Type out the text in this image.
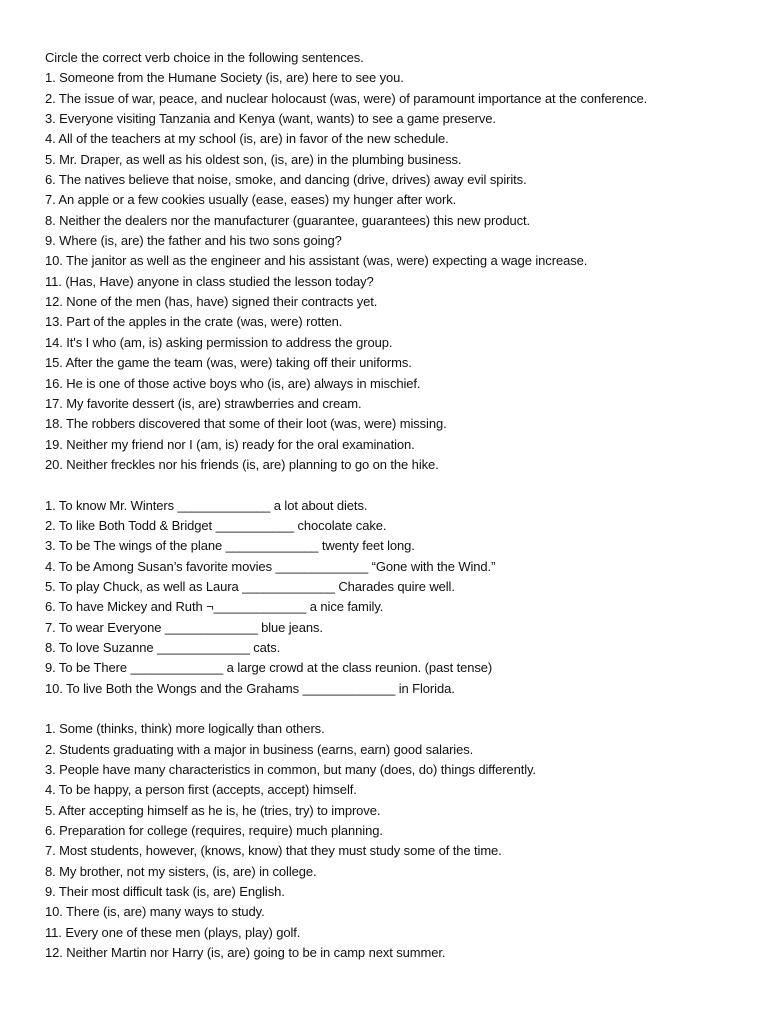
Circle the correct verb choice in the following sentences.
1. Someone from the Humane Society (is, are) here to see you.
2. The issue of war, peace, and nuclear holocaust (was, were) of paramount importance at the conference.
3. Everyone visiting Tanzania and Kenya (want, wants) to see a game preserve.
4. All of the teachers at my school (is, are) in favor of the new schedule.
5. Mr. Draper, as well as his oldest son, (is, are) in the plumbing business.
6. The natives believe that noise, smoke, and dancing (drive, drives) away evil spirits.
7. An apple or a few cookies usually (ease, eases) my hunger after work.
8. Neither the dealers nor the manufacturer (guarantee, guarantees) this new product.
9. Where (is, are) the father and his two sons going?
10. The janitor as well as the engineer and his assistant (was, were) expecting a wage increase.
11. (Has, Have) anyone in class studied the lesson today?
12. None of the men (has, have) signed their contracts yet.
13. Part of the apples in the crate (was, were) rotten.
14. It's I who (am, is) asking permission to address the group.
15. After the game the team (was, were) taking off their uniforms.
16. He is one of those active boys who (is, are) always in mischief.
17. My favorite dessert (is, are) strawberries and cream.
18. The robbers discovered that some of their loot (was, were) missing.
19. Neither my friend nor I (am, is) ready for the oral examination.
20. Neither freckles nor his friends (is, are) planning to go on the hike.
1. To know Mr. Winters _____________ a lot about diets.
2. To like Both Todd & Bridget ___________ chocolate cake.
3. To be The wings of the plane _____________ twenty feet long.
4. To be Among Susan’s favorite movies _____________ “Gone with the Wind.”
5. To play Chuck, as well as Laura _____________ Charades quire well.
6. To have Mickey and Ruth ¬_____________ a nice family.
7. To wear Everyone _____________ blue jeans.
8. To love Suzanne _____________ cats.
9. To be There _____________ a large crowd at the class reunion. (past tense)
10. To live Both the Wongs and the Grahams _____________ in Florida.
1. Some (thinks, think) more logically than others.
2. Students graduating with a major in business (earns, earn) good salaries.
3. People have many characteristics in common, but many (does, do) things differently.
4. To be happy, a person first (accepts, accept) himself.
5. After accepting himself as he is, he (tries, try) to improve.
6. Preparation for college (requires, require) much planning.
7. Most students, however, (knows, know) that they must study some of the time.
8. My brother, not my sisters, (is, are) in college.
9. Their most difficult task (is, are) English.
10. There (is, are) many ways to study.
11. Every one of these men (plays, play) golf.
12. Neither Martin nor Harry (is, are) going to be in camp next summer.
